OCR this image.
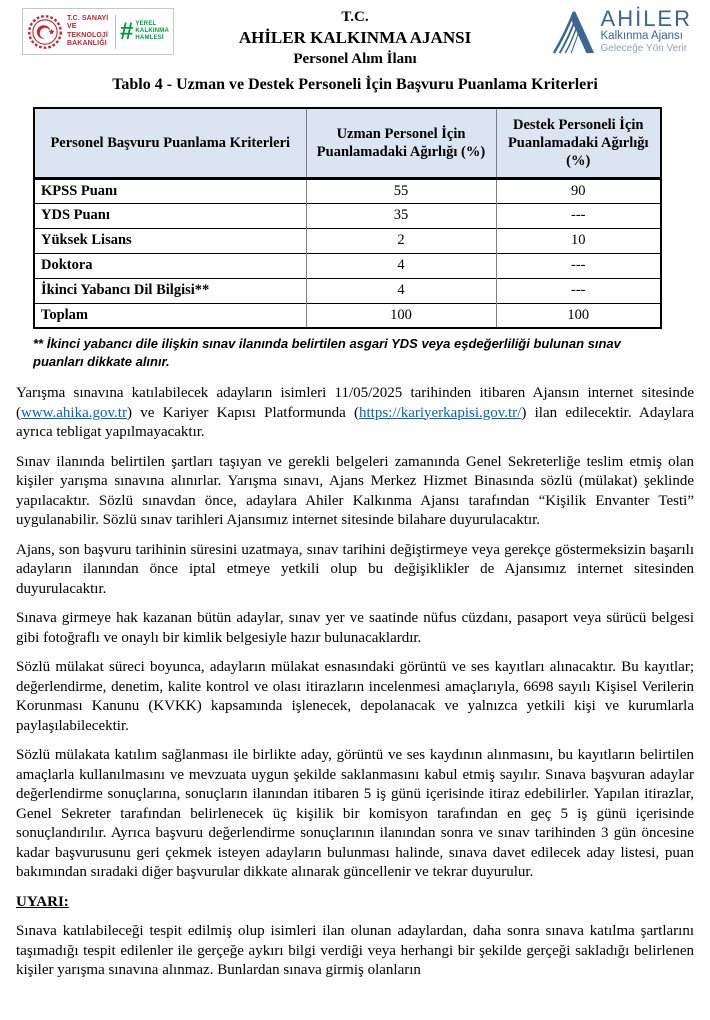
T.C. SANAYİ VE
TEKNOLOJİ BAKANLIĞI # YEREL
KALKINMA
HAMLESİ
T.C.
AHİLER KALKINMA AJANSI
Personel Alım İlanı
AHİLER
Kalkınma Ajansı
Geleceğe Yön Verir
Tablo 4 - Uzman ve Destek Personeli İçin Başvuru Puanlama Kriterleri
Personel Başvuru Puanlama Kriterleri	Uzman Personel İçin Puanlamadaki Ağırlığı (%)	Destek Personeli İçin Puanlamadaki Ağırlığı (%)
KPSS Puanı	55	90
YDS Puanı	35	---
Yüksek Lisans	2	10
Doktora	4	---
İkinci Yabancı Dil Bilgisi**	4	---
Toplam	100	100
** İkinci yabancı dile ilişkin sınav ilanında belirtilen asgari YDS veya eşdeğerliliği bulunan sınav puanları dikkate alınır.

Yarışma sınavına katılabilecek adayların isimleri 11/05/2025 tarihinden itibaren Ajansın internet sitesinde (www.ahika.gov.tr) ve Kariyer Kapısı Platformunda (https://kariyerkapisi.gov.tr/) ilan edilecektir. Adaylara ayrıca tebligat yapılmayacaktır.

Sınav ilanında belirtilen şartları taşıyan ve gerekli belgeleri zamanında Genel Sekreterliğe teslim etmiş olan kişiler yarışma sınavına alınırlar. Yarışma sınavı, Ajans Merkez Hizmet Binasında sözlü (mülakat) şeklinde yapılacaktır. Sözlü sınavdan önce, adaylara Ahiler Kalkınma Ajansı tarafından “Kişilik Envanter Testi” uygulanabilir. Sözlü sınav tarihleri Ajansımız internet sitesinde bilahare duyurulacaktır.

Ajans, son başvuru tarihinin süresini uzatmaya, sınav tarihini değiştirmeye veya gerekçe göstermeksizin başarılı adayların ilanından önce iptal etmeye yetkili olup bu değişiklikler de Ajansımız internet sitesinden duyurulacaktır.

Sınava girmeye hak kazanan bütün adaylar, sınav yer ve saatinde nüfus cüzdanı, pasaport veya sürücü belgesi gibi fotoğraflı ve onaylı bir kimlik belgesiyle hazır bulunacaklardır.

Sözlü mülakat süreci boyunca, adayların mülakat esnasındaki görüntü ve ses kayıtları alınacaktır. Bu kayıtlar; değerlendirme, denetim, kalite kontrol ve olası itirazların incelenmesi amaçlarıyla, 6698 sayılı Kişisel Verilerin Korunması Kanunu (KVKK) kapsamında işlenecek, depolanacak ve yalnızca yetkili kişi ve kurumlarla paylaşılabilecektir.

Sözlü mülakata katılım sağlanması ile birlikte aday, görüntü ve ses kaydının alınmasını, bu kayıtların belirtilen amaçlarla kullanılmasını ve mevzuata uygun şekilde saklanmasını kabul etmiş sayılır. Sınava başvuran adaylar değerlendirme sonuçlarına, sonuçların ilanından itibaren 5 iş günü içerisinde itiraz edebilirler. Yapılan itirazlar, Genel Sekreter tarafından belirlenecek üç kişilik bir komisyon tarafından en geç 5 iş günü içerisinde sonuçlandırılır. Ayrıca başvuru değerlendirme sonuçlarının ilanından sonra ve sınav tarihinden 3 gün öncesine kadar başvurusunu geri çekmek isteyen adayların bulunması halinde, sınava davet edilecek aday listesi, puan bakımından sıradaki diğer başvurular dikkate alınarak güncellenir ve tekrar duyurulur.

UYARI:

Sınava katılabileceği tespit edilmiş olup isimleri ilan olunan adaylardan, daha sonra sınava katılma şartlarını taşımadığı tespit edilenler ile gerçeğe aykırı bilgi verdiği veya herhangi bir şekilde gerçeği sakladığı belirlenen kişiler yarışma sınavına alınmaz. Bunlardan sınava girmiş olanların
